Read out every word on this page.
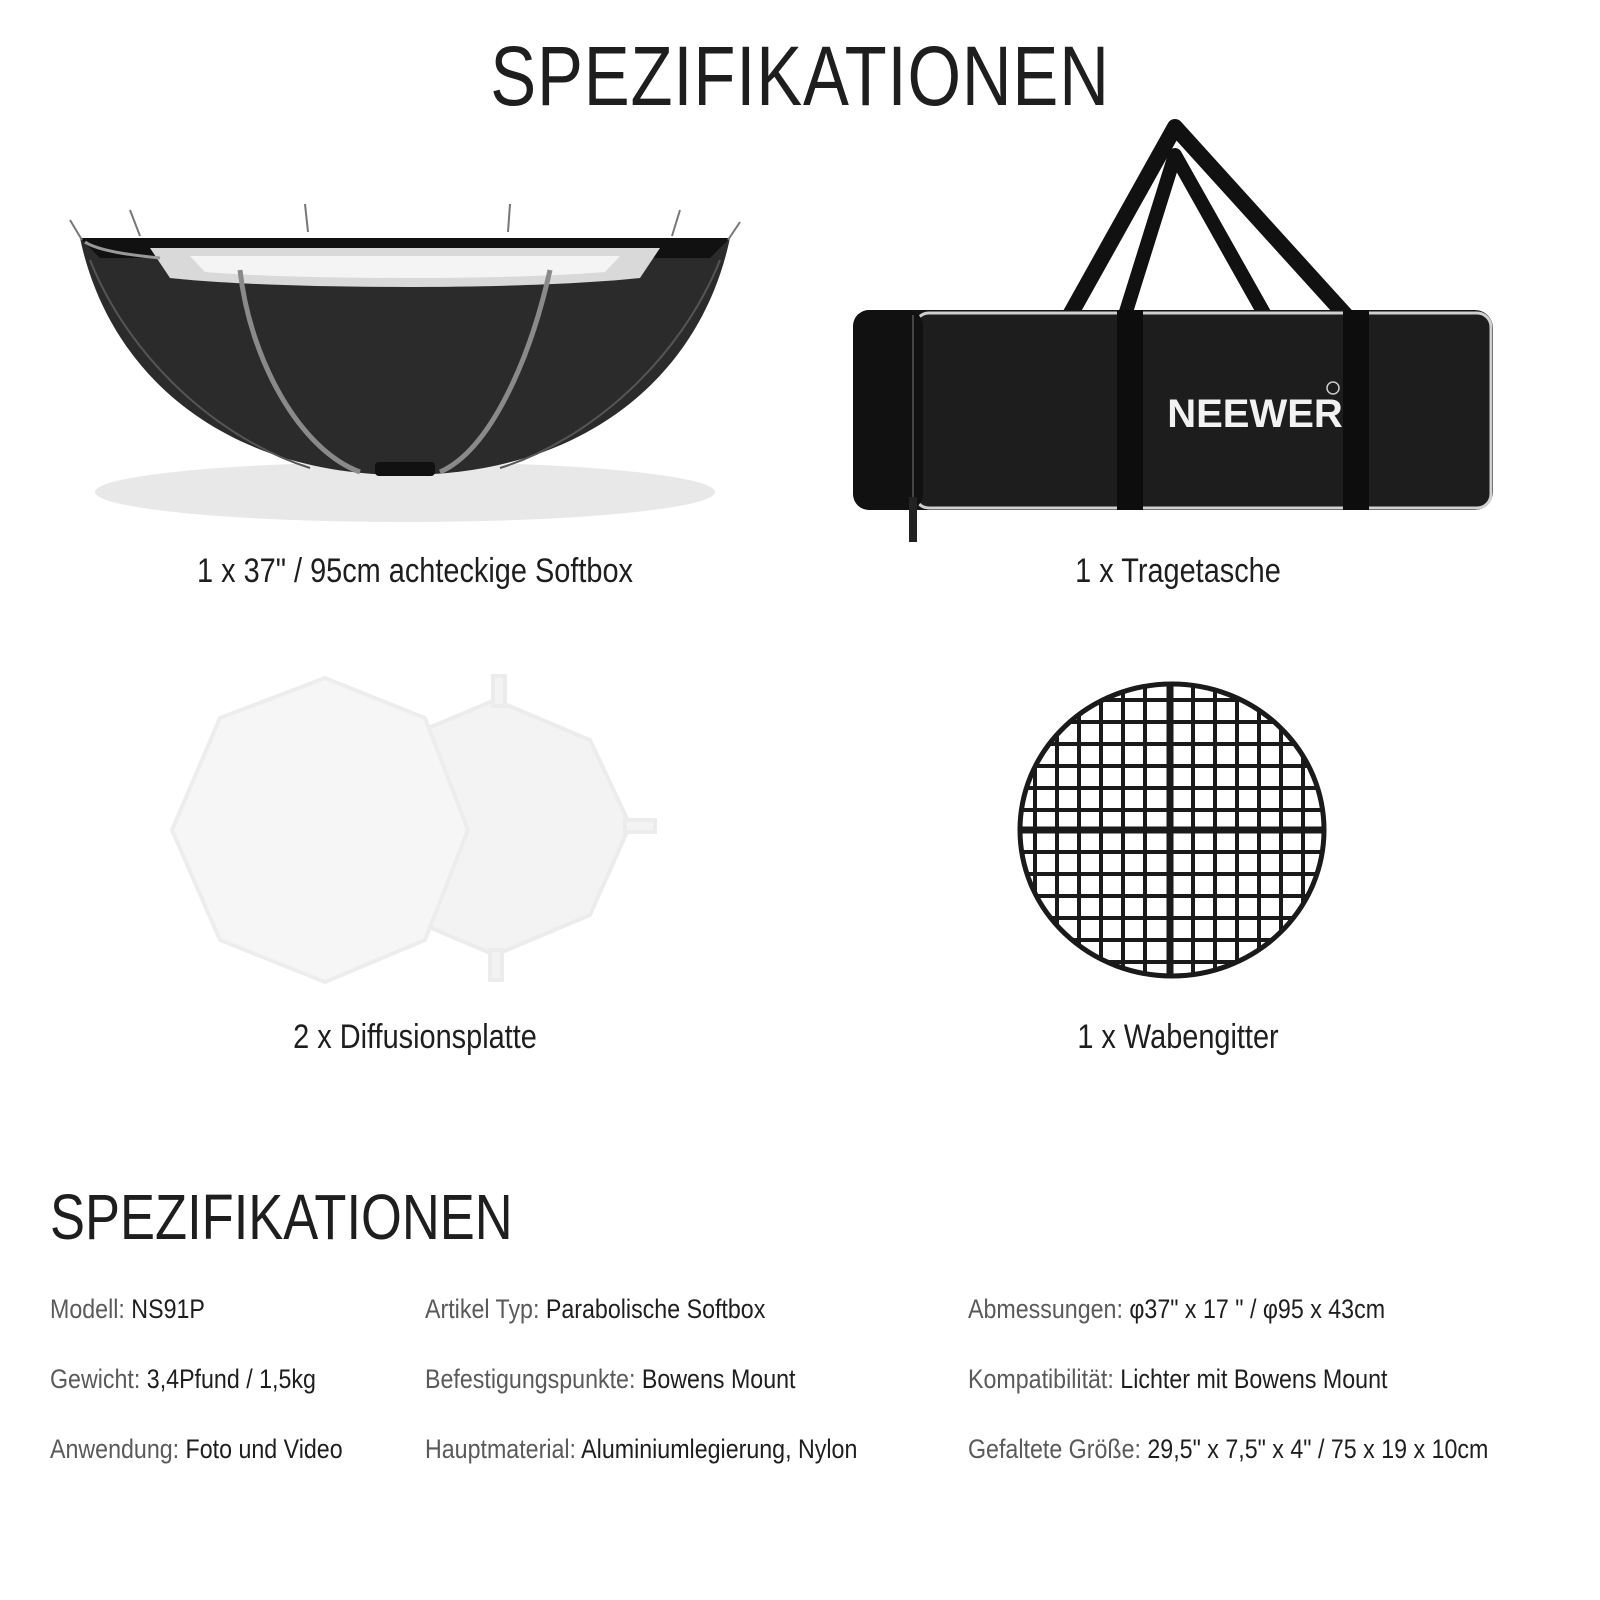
SPEZIFIKATIONEN
1 x 37" / 95cm achteckige Softbox
NEEWER
1 x Tragetasche
2 x Diffusionsplatte	1 x Wabengitter
SPEZIFIKATIONEN
Modell: NS91P	Artikel Typ: Parabolische Softbox	Abmessungen: φ37" x 17 " / φ95 x 43cm
Gewicht: 3,4Pfund / 1,5kg	Befestigungspunkte: Bowens Mount	Kompatibilität: Lichter mit Bowens Mount
Anwendung: Foto und Video	Hauptmaterial: Aluminiumlegierung, Nylon	Gefaltete Größe: 29,5" x 7,5" x 4" / 75 x 19 x 10cm
